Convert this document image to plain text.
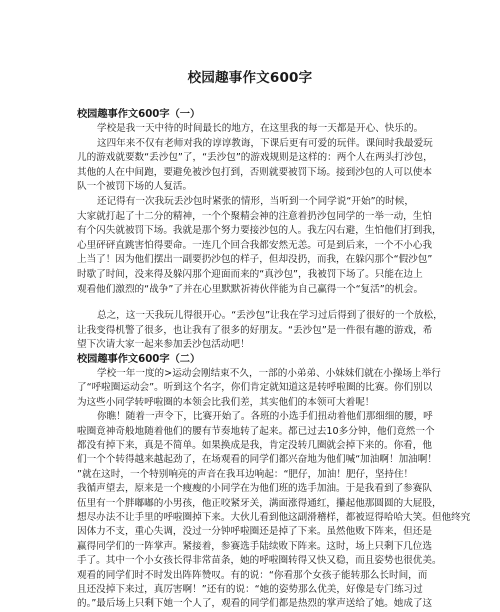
校园趣事作文600字
校园趣事作文600字（一）
学校是我一天中待的时间最长的地方，在这里我的每一天都是开心、快乐的。
这四年来不仅有老师对我的谆谆教诲，下课后更有可爱的玩伴。课间时我最爱玩
儿的游戏就要数“丢沙包”了，“丢沙包”的游戏规则是这样的：两个人在两头打沙包，
其他的人在中间跑，要避免被沙包打到，否则就要被罚下场。接到沙包的人可以使本
队一个被罚下场的人复活。
还记得有一次我玩丢沙包时紧张的情形，当听到一个同学说“开始”的时候，
大家就打起了十二分的精神，一个个聚精会神的注意着扔沙包同学的一举一动，生怕
有个闪失就被罚下场。我就是那个努力要接沙包的人。我左闪右避，生怕他们打到我，
心里砰砰直跳害怕得要命。一连几个回合我都安然无恙。可是到后来，一个不小心我
上当了！因为他们摆出一副要扔沙包的样子，但却没扔，而我，在躲闪那个“假沙包”
时歇了时间，没来得及躲闪那个迎面而来的“真沙包”，我被罚下场了。只能在边上
观看他们激烈的“战争”了并在心里默默祈祷伙伴能为自己赢得一个“复活”的机会。
总之，这一天我玩儿得很开心。“丢沙包”让我在学习过后得到了很好的一个放松，
让我变得机警了很多，也让我有了很多的好朋友。“丢沙包”是一件很有趣的游戏，希
望下次请大家一起来参加丢沙包活动吧！
校园趣事作文600字（二）
学校一年一度的>运动会刚结束不久，一部的小弟弟、小妹妹们就在小操场上举行
了“呼啦圈运动会”。听到这个名字，你们肯定就知道这是转呼啦圈的比赛。你们别以
为这些小同学转呼啦圈的本领会比我们差，其实他们的本领可大着呢！
你瞧！随着一声令下，比赛开始了。各班的小选手们扭动着他们那细细的腰，呼
啦圈竟神奇般地随着他们的腰有节奏地转了起来。都已过去10多分钟，他们竟然一个
都没有掉下来，真是不简单。如果换成是我，肯定没转几圈就会掉下来的。你看，他
们一个个转得越来越起劲了，在场观看的同学们都兴奋地为他们喊“加油啊！加油啊！
”就在这时，一个特别响亮的声音在我耳边响起：“肥仔，加油！肥仔，坚持住！
我循声望去，原来是一个瘦瘦的小同学在为他们班的选手加油。于是我看到了参赛队
伍里有一个胖嘟嘟的小男孩，他正咬紧牙关，满面涨得通红，攥起他那圆圆的大屁股，
想尽办法不让手里的呼啦圈掉下来。大伙儿看到他这副滑稽样，都被逗得哈哈大笑。但他终究
因体力不支，重心失调，没过一分钟呼啦圈还是掉了下来。虽然他败下阵来，但还是
赢得同学们的一阵掌声。紧接着，参赛选手陆续败下阵来。这时，场上只剩下几位选
手了。其中一个小女孩长得非常苗条，她的呼啦圈转得又快又稳，而且姿势也很优美。
观看的同学们时不时发出阵阵赞叹。有的说：“你看那个女孩子能转那么长时间，而
且还没掉下来过，真厉害啊！”还有的说：“她的姿势那么优美，好像是专门练习过
的。”最后场上只剩下她一个人了，观看的同学们都是热烈的掌声送给了她。她成了这
